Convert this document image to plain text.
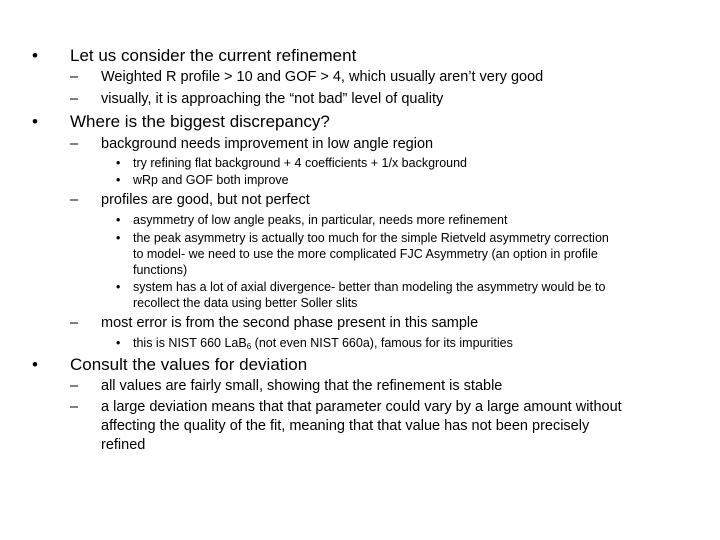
• Let us consider the current refinement
– Weighted R profile > 10 and GOF > 4, which usually aren’t very good
– visually, it is approaching the “not bad” level of quality
• Where is the biggest discrepancy?
– background needs improvement in low angle region
• try refining flat background + 4 coefficients + 1/x background
• wRp and GOF both improve
– profiles are good, but not perfect
• asymmetry of low angle peaks, in particular, needs more refinement
• the peak asymmetry is actually too much for the simple Rietveld asymmetry correction
to model- we need to use the more complicated FJC Asymmetry (an option in profile
functions)
• system has a lot of axial divergence- better than modeling the asymmetry would be to
recollect the data using better Soller slits
– most error is from the second phase present in this sample
• this is NIST 660 LaB$_6$ (not even NIST 660a), famous for its impurities
• Consult the values for deviation
– all values are fairly small, showing that the refinement is stable
– a large deviation means that that parameter could vary by a large amount without
affecting the quality of the fit, meaning that that value has not been precisely
refined
